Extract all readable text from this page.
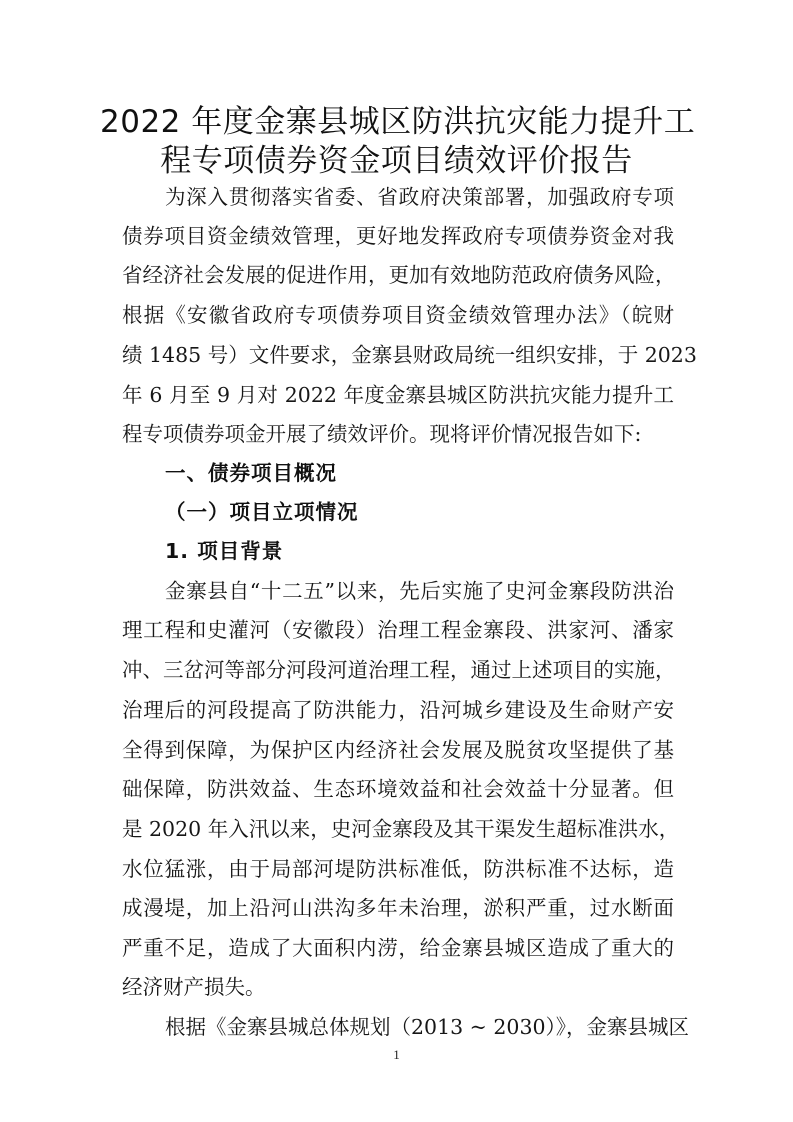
2022 年度金寨县城区防洪抗灾能力提升工
程专项债券资金项目绩效评价报告
为深入贯彻落实省委、省政府决策部署，加强政府专项
债券项目资金绩效管理，更好地发挥政府专项债券资金对我
省经济社会发展的促进作用，更加有效地防范政府债务风险，
根据《安徽省政府专项债券项目资金绩效管理办法》（皖财
绩 1485 号）文件要求，金寨县财政局统一组织安排，于 2023
年 6 月至 9 月对 2022 年度金寨县城区防洪抗灾能力提升工
程专项债券项金开展了绩效评价。现将评价情况报告如下:
一、债券项目概况
（一）项目立项情况
1. 项目背景
金寨县自“十二五”以来，先后实施了史河金寨段防洪治
理工程和史灌河（安徽段）治理工程金寨段、洪家河、潘家
冲、三岔河等部分河段河道治理工程，通过上述项目的实施，
治理后的河段提高了防洪能力，沿河城乡建设及生命财产安
全得到保障，为保护区内经济社会发展及脱贫攻坚提供了基
础保障，防洪效益、生态环境效益和社会效益十分显著。但
是 2020 年入汛以来，史河金寨段及其干渠发生超标准洪水，
水位猛涨，由于局部河堤防洪标准低，防洪标准不达标，造
成漫堤，加上沿河山洪沟多年未治理，淤积严重，过水断面
严重不足，造成了大面积内涝，给金寨县城区造成了重大的
经济财产损失。
根据《金寨县城总体规划（2013 ~ 2030）》，金寨县城区
1
